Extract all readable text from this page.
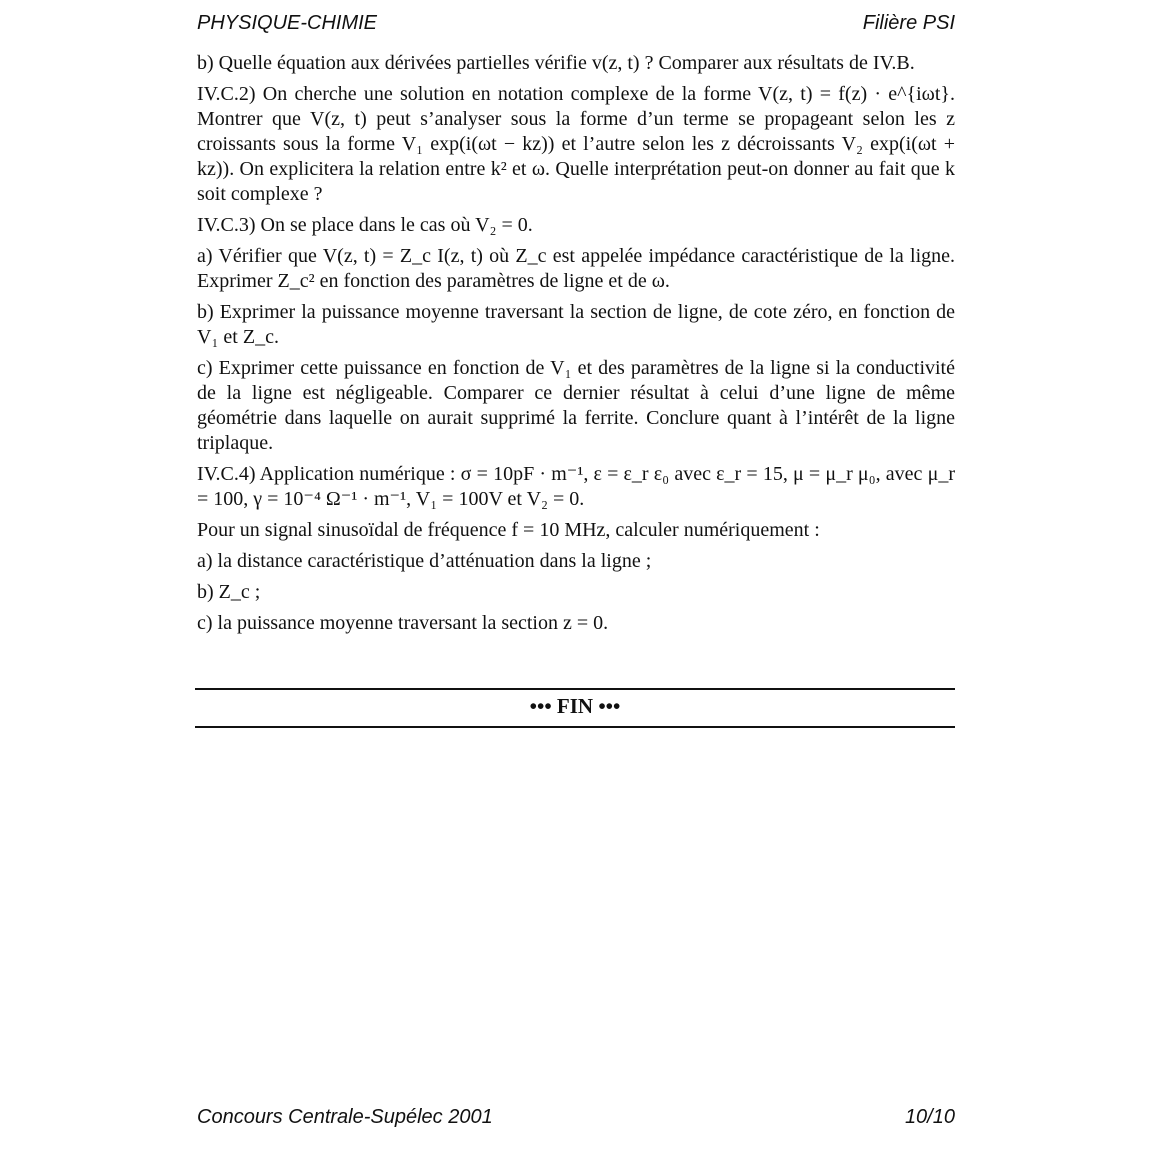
PHYSIQUE-CHIMIE	Filière PSI

b) Quelle équation aux dérivées partielles vérifie v(z, t) ? Comparer aux résultats de IV.B.

IV.C.2) On cherche une solution en notation complexe de la forme V(z, t) = f(z) · e^{iωt}. Montrer que V(z, t) peut s’analyser sous la forme d’un terme se propageant selon les z croissants sous la forme V₁ exp(i(ωt − kz)) et l’autre selon les z décroissants V₂ exp(i(ωt + kz)). On explicitera la relation entre k² et ω. Quelle interprétation peut-on donner au fait que k soit complexe ?

IV.C.3) On se place dans le cas où V₂ = 0.

a) Vérifier que V(z, t) = Z_c I(z, t) où Z_c est appelée impédance caractéristique de la ligne. Exprimer Z_c² en fonction des paramètres de ligne et de ω.

b) Exprimer la puissance moyenne traversant la section de ligne, de cote zéro, en fonction de V₁ et Z_c.

c) Exprimer cette puissance en fonction de V₁ et des paramètres de la ligne si la conductivité de la ligne est négligeable. Comparer ce dernier résultat à celui d’une ligne de même géométrie dans laquelle on aurait supprimé la ferrite. Conclure quant à l’intérêt de la ligne triplaque.

IV.C.4) Application numérique : σ = 10pF · m⁻¹, ε = ε_r ε₀ avec ε_r = 15, μ = μ_r μ₀, avec μ_r = 100, γ = 10⁻⁴ Ω⁻¹ · m⁻¹, V₁ = 100V et V₂ = 0.

Pour un signal sinusoïdal de fréquence f = 10 MHz, calculer numériquement :

a) la distance caractéristique d’atténuation dans la ligne ;

b) Z_c ;

c) la puissance moyenne traversant la section z = 0.

••• FIN •••
Concours Centrale-Supélec 2001	10/10
